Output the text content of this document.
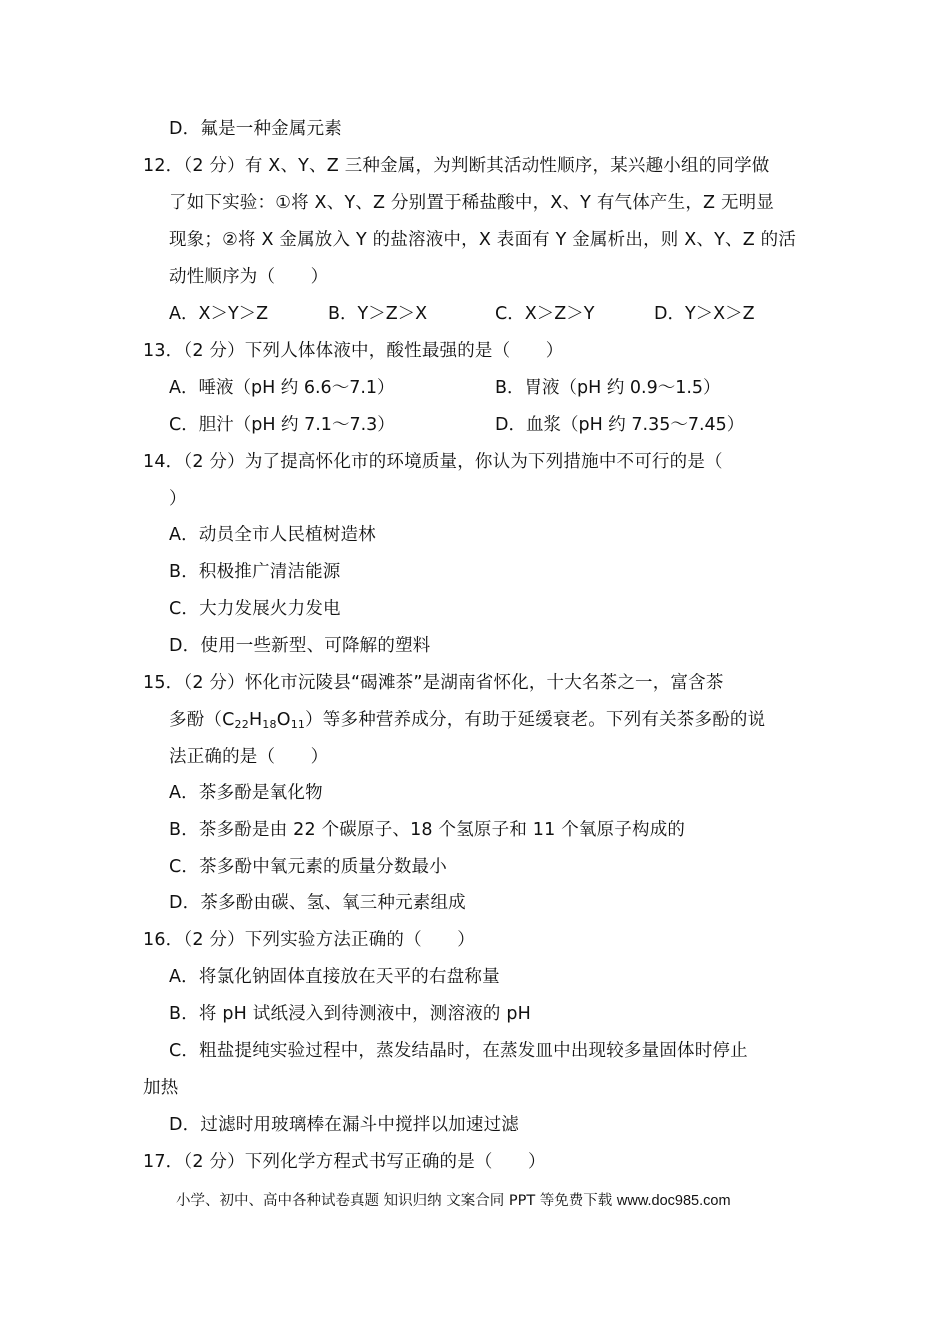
D．氟是一种金属元素
12．（2 分）有 X、Y、Z 三种金属，为判断其活动性顺序，某兴趣小组的同学做
了如下实验：①将 X、Y、Z 分别置于稀盐酸中，X、Y 有气体产生，Z 无明显
现象；②将 X 金属放入 Y 的盐溶液中，X 表面有 Y 金属析出，则 X、Y、Z 的活
动性顺序为（　　）
A．X＞Y＞Z	B．Y＞Z＞X	C．X＞Z＞Y	D．Y＞X＞Z
13．（2 分）下列人体体液中，酸性最强的是（　　）
A．唾液（pH 约 6.6～7.1）	B．胃液（pH 约 0.9～1.5）
C．胆汁（pH 约 7.1～7.3）	D．血浆（pH 约 7.35～7.45）
14．（2 分）为了提高怀化市的环境质量，你认为下列措施中不可行的是（
）
A．动员全市人民植树造林
B．积极推广清洁能源
C．大力发展火力发电
D．使用一些新型、可降解的塑料
15．（2 分）怀化市沅陵县“碣滩茶”是湖南省怀化，十大名茶之一，富含茶
多酚$(C_{22}H_{18}O_{11})$等多种营养成分，有助于延缓衰老。下列有关茶多酚的说
法正确的是（　　）
A．茶多酚是氧化物
B．茶多酚是由 22 个碳原子、18 个氢原子和 11 个氧原子构成的
C．茶多酚中氧元素的质量分数最小
D．茶多酚由碳、氢、氧三种元素组成
16．（2 分）下列实验方法正确的（　　）
A．将氯化钠固体直接放在天平的右盘称量
B．将 pH 试纸浸入到待测液中，测溶液的 pH
C．粗盐提纯实验过程中，蒸发结晶时，在蒸发皿中出现较多量固体时停止
加热
D．过滤时用玻璃棒在漏斗中搅拌以加速过滤
17．（2 分）下列化学方程式书写正确的是（　　）
小学、初中、高中各种试卷真题 知识归纳 文案合同 PPT 等免费下载 www.doc985.com
